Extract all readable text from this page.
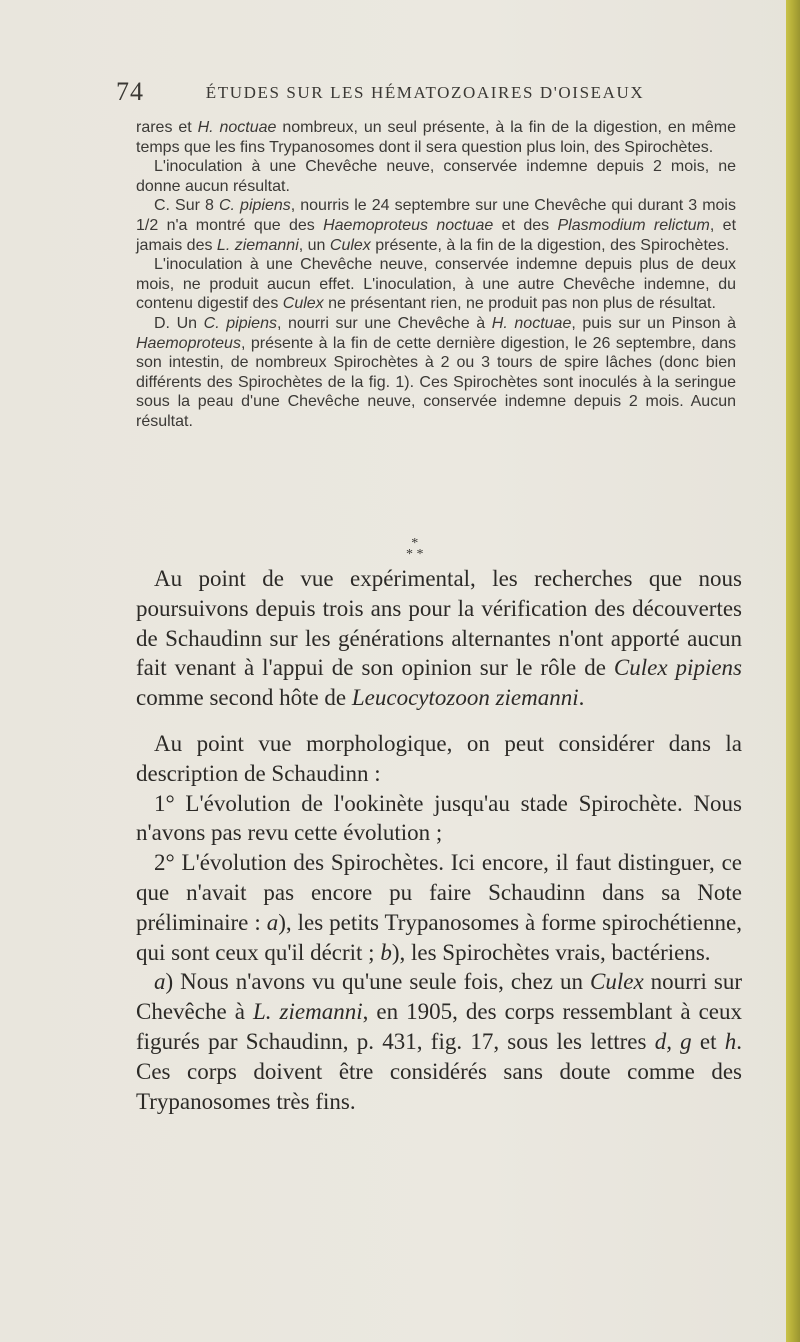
74	ÉTUDES SUR LES HÉMATOZOAIRES D'OISEAUX

rares et H. noctuae nombreux, un seul présente, à la fin de la digestion, en même temps que les fins Trypanosomes dont il sera question plus loin, des Spirochètes.

L'inoculation à une Chevêche neuve, conservée indemne depuis 2 mois, ne donne aucun résultat.

C. Sur 8 C. pipiens, nourris le 24 septembre sur une Chevêche qui durant 3 mois 1/2 n'a montré que des Haemoproteus noctuae et des Plasmodium relictum, et jamais des L. ziemanni, un Culex présente, à la fin de la digestion, des Spirochètes.

L'inoculation à une Chevêche neuve, conservée indemne depuis plus de deux mois, ne produit aucun effet. L'inoculation, à une autre Chevêche indemne, du contenu digestif des Culex ne présentant rien, ne produit pas non plus de résultat.

D. Un C. pipiens, nourri sur une Chevêche à H. noctuae, puis sur un Pinson à Haemoproteus, présente à la fin de cette dernière digestion, le 26 septembre, dans son intestin, de nombreux Spirochètes à 2 ou 3 tours de spire lâches (donc bien différents des Spirochètes de la fig. 1). Ces Spirochètes sont inoculés à la seringue sous la peau d'une Chevêche neuve, conservée indemne depuis 2 mois. Aucun résultat.

*
* *

Au point de vue expérimental, les recherches que nous poursuivons depuis trois ans pour la vérification des découvertes de Schaudinn sur les générations alternantes n'ont apporté aucun fait venant à l'appui de son opinion sur le rôle de Culex pipiens comme second hôte de Leucocytozoon ziemanni.

Au point vue morphologique, on peut considérer dans la description de Schaudinn :

1° L'évolution de l'ookinète jusqu'au stade Spirochète. Nous n'avons pas revu cette évolution ;

2° L'évolution des Spirochètes. Ici encore, il faut distinguer, ce que n'avait pas encore pu faire Schaudinn dans sa Note préliminaire : a), les petits Trypanosomes à forme spirochétienne, qui sont ceux qu'il décrit ; b), les Spirochètes vrais, bactériens.

a) Nous n'avons vu qu'une seule fois, chez un Culex nourri sur Chevêche à L. ziemanni, en 1905, des corps ressemblant à ceux figurés par Schaudinn, p. 431, fig. 17, sous les lettres d, g et h. Ces corps doivent être considérés sans doute comme des Trypanosomes très fins.
